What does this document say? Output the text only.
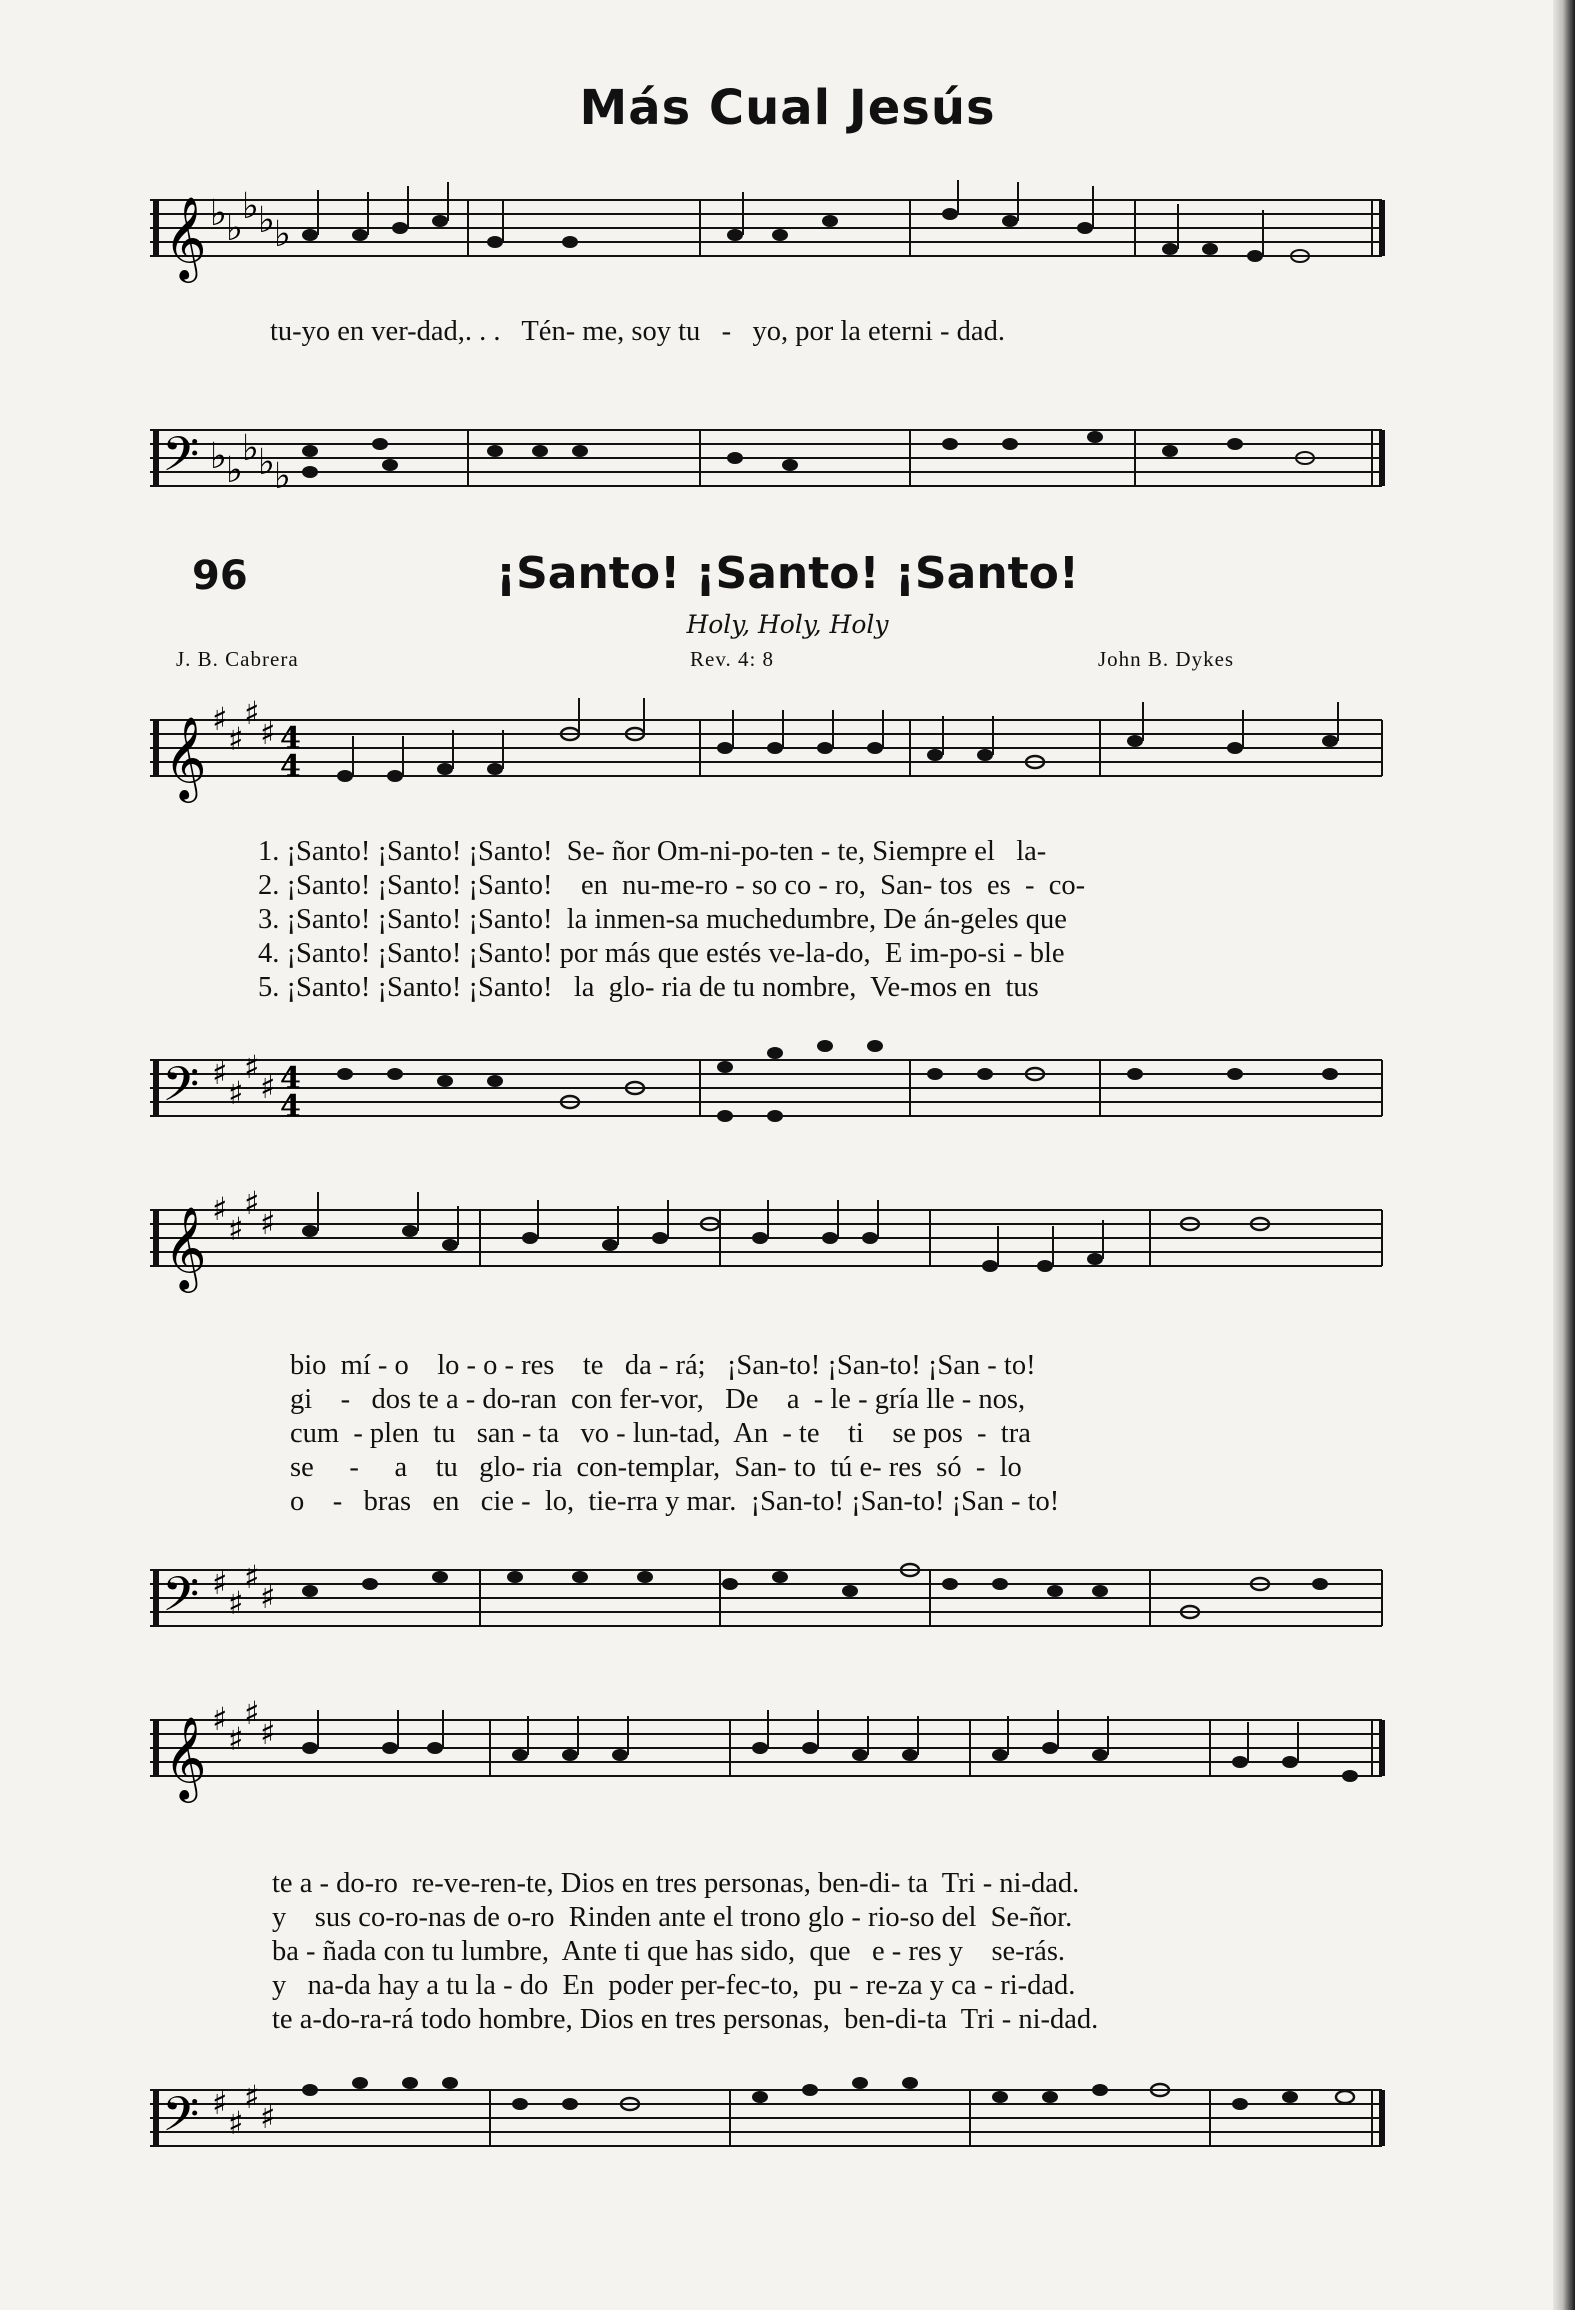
Más Cual Jesús
𝄞 ♭ ♭
♭ ♭ ♭
tu-yo en ver-dad,. . .   Tén- me, soy tu   -   yo, por la eterni - dad.
𝄢 ♭ ♭
♭ ♭ ♭
96	¡Santo! ¡Santo! ¡Santo!
Holy, Holy, Holy
J. B. Cabrera	Rev. 4: 8	John B. Dykes
𝄞 ♯
♯
♯
♯ 4
4
1. ¡Santo! ¡Santo! ¡Santo!  Se- ñor Om-ni-po-ten - te, Siempre el   la-
2. ¡Santo! ¡Santo! ¡Santo!    en  nu-me-ro - so co - ro,  San- tos  es  -  co-
3. ¡Santo! ¡Santo! ¡Santo!  la inmen-sa muchedumbre, De án-geles que
4. ¡Santo! ¡Santo! ¡Santo! por más que estés ve-la-do,  E im-po-si - ble
5. ¡Santo! ¡Santo! ¡Santo!   la  glo- ria de tu nombre,  Ve-mos en  tus
𝄢 ♯
♯
♯
♯ 4
4
𝄞 ♯
♯
♯
♯
bio  mí - o    lo - o - res    te   da - rá;   ¡San-to! ¡San-to! ¡San - to!
gi    -   dos te a - do-ran  con fer-vor,   De    a  - le - gría lle - nos,
cum  - plen  tu   san - ta   vo - lun-tad,  An  - te    ti    se pos  -  tra
se     -     a    tu   glo- ria  con-templar,  San- to  tú e- res  só  -  lo
o    -   bras   en   cie -  lo,  tie-rra y mar.  ¡San-to! ¡San-to! ¡San - to!
𝄢 ♯
♯
♯
♯
𝄞 ♯
♯
♯
♯
te a - do-ro  re-ve-ren-te, Dios en tres personas, ben-di- ta  Tri - ni-dad.
y    sus co-ro-nas de o-ro  Rinden ante el trono glo - rio-so del  Se-ñor.
ba - ñada con tu lumbre,  Ante ti que has sido,  que   e - res y    se-rás.
y   na-da hay a tu la - do  En  poder per-fec-to,  pu - re-za y ca - ri-dad.
te a-do-ra-rá todo hombre, Dios en tres personas,  ben-di-ta  Tri - ni-dad.
𝄢 ♯
♯
♯
♯
